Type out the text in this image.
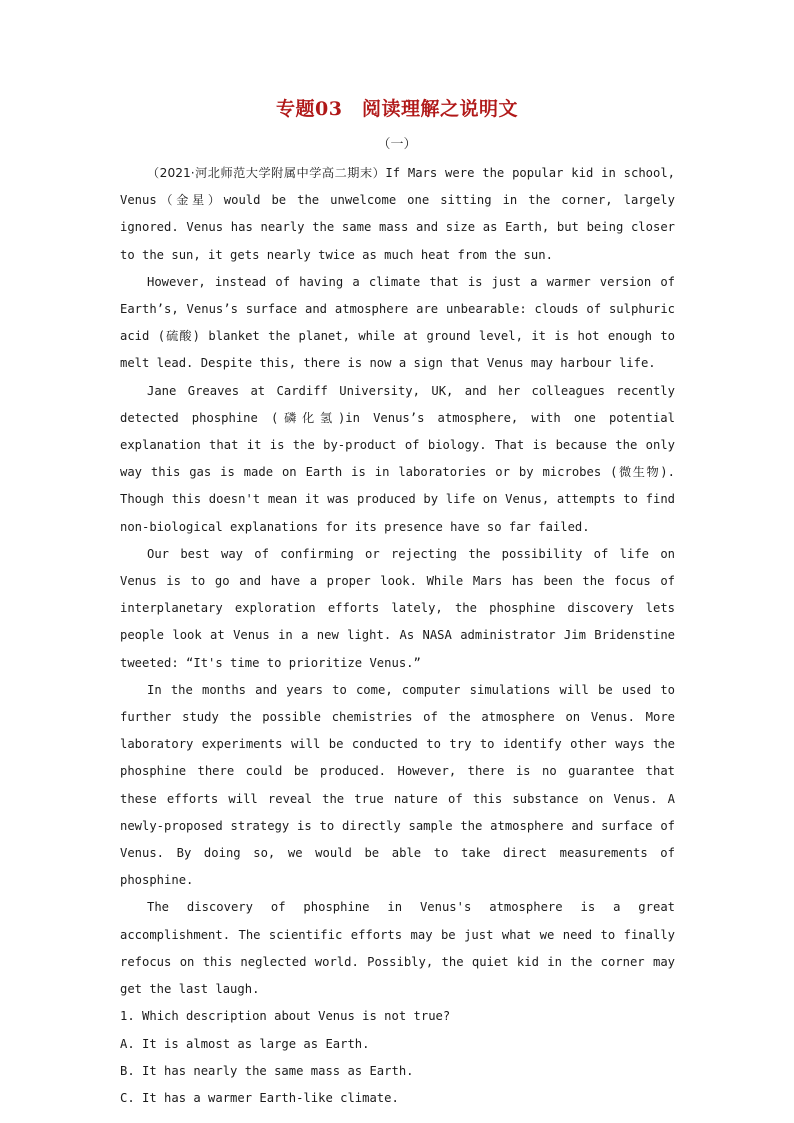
专题03　阅读理解之说明文
（一）

（2021·河北师范大学附属中学高二期末）If Mars were the popular kid in school, Venus（金星）would be the unwelcome one sitting in the corner, largely ignored. Venus has nearly the same mass and size as Earth, but being closer to the sun, it gets nearly twice as much heat from the sun.

However, instead of having a climate that is just a warmer version of Earth’s, Venus’s surface and atmosphere are unbearable: clouds of sulphuric acid (硫酸) blanket the planet, while at ground level, it is hot enough to melt lead. Despite this, there is now a sign that Venus may harbour life.

Jane Greaves at Cardiff University, UK, and her colleagues recently detected phosphine (磷化氢)in Venus’s atmosphere, with one potential explanation that it is the by-product of biology. That is because the only way this gas is made on Earth is in laboratories or by microbes (微生物). Though this doesn't mean it was produced by life on Venus, attempts to find non-biological explanations for its presence have so far failed.

Our best way of confirming or rejecting the possibility of life on Venus is to go and have a proper look. While Mars has been the focus of interplanetary exploration efforts lately, the phosphine discovery lets people look at Venus in a new light. As NASA administrator Jim Bridenstine tweeted: “It's time to prioritize Venus.”

In the months and years to come, computer simulations will be used to further study the possible chemistries of the atmosphere on Venus. More laboratory experiments will be conducted to try to identify other ways the phosphine there could be produced. However, there is no guarantee that these efforts will reveal the true nature of this substance on Venus. A newly-proposed strategy is to directly sample the atmosphere and surface of Venus. By doing so, we would be able to take direct measurements of phosphine.

The discovery of phosphine in Venus's atmosphere is a great accomplishment. The scientific efforts may be just what we need to finally refocus on this neglected world. Possibly, the quiet kid in the corner may get the last laugh.

1. Which description about Venus is not true?

A. It is almost as large as Earth.

B. It has nearly the same mass as Earth.

C. It has a warmer Earth-like climate.
